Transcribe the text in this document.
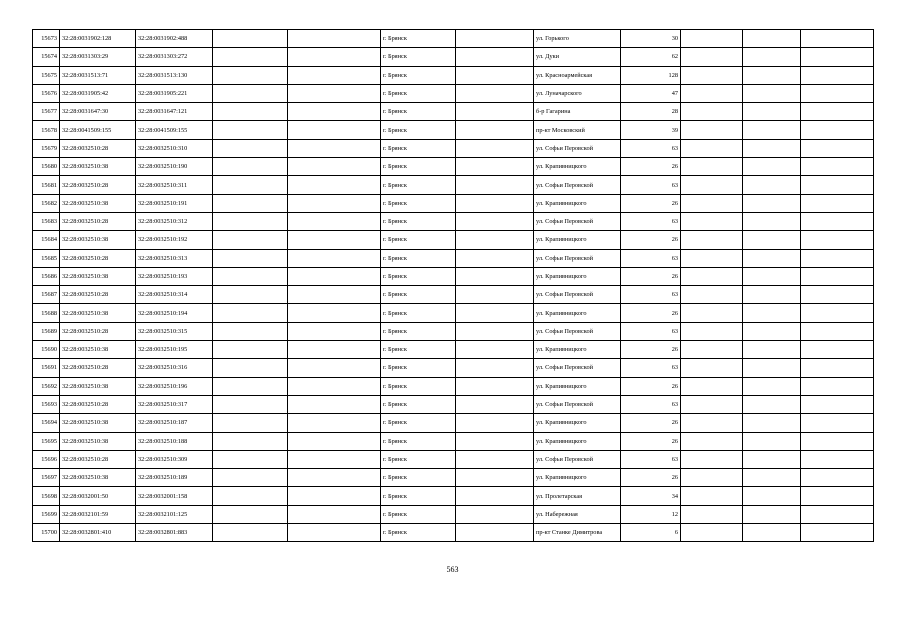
15673	32:28:0031902:128	32:28:0031902:488			г. Брянск		ул. Горького	30			
15674	32:28:0031303:29	32:28:0031303:272			г. Брянск		ул. Дуки	62			
15675	32:28:0031513:71	32:28:0031513:130			г. Брянск		ул. Красноармейская	128			
15676	32:28:0031905:42	32:28:0031905:221			г. Брянск		ул. Луначарского	47			
15677	32:28:0031647:30	32:28:0031647:121			г. Брянск		б-р Гагарина	28			
15678	32:28:0041509:155	32:28:0041509:155			г. Брянск		пр-кт Московский	39			
15679	32:28:0032510:28	32:28:0032510:310			г. Брянск		ул. Софьи Перовской	63			
15680	32:28:0032510:38	32:28:0032510:190			г. Брянск		ул. Крапивницкого	26			
15681	32:28:0032510:28	32:28:0032510:311			г. Брянск		ул. Софьи Перовской	63			
15682	32:28:0032510:38	32:28:0032510:191			г. Брянск		ул. Крапивницкого	26			
15683	32:28:0032510:28	32:28:0032510:312			г. Брянск		ул. Софьи Перовской	63			
15684	32:28:0032510:38	32:28:0032510:192			г. Брянск		ул. Крапивницкого	26			
15685	32:28:0032510:28	32:28:0032510:313			г. Брянск		ул. Софьи Перовской	63			
15686	32:28:0032510:38	32:28:0032510:193			г. Брянск		ул. Крапивницкого	26			
15687	32:28:0032510:28	32:28:0032510:314			г. Брянск		ул. Софьи Перовской	63			
15688	32:28:0032510:38	32:28:0032510:194			г. Брянск		ул. Крапивницкого	26			
15689	32:28:0032510:28	32:28:0032510:315			г. Брянск		ул. Софьи Перовской	63			
15690	32:28:0032510:38	32:28:0032510:195			г. Брянск		ул. Крапивницкого	26			
15691	32:28:0032510:28	32:28:0032510:316			г. Брянск		ул. Софьи Перовской	63			
15692	32:28:0032510:38	32:28:0032510:196			г. Брянск		ул. Крапивницкого	26			
15693	32:28:0032510:28	32:28:0032510:317			г. Брянск		ул. Софьи Перовской	63			
15694	32:28:0032510:38	32:28:0032510:187			г. Брянск		ул. Крапивницкого	26			
15695	32:28:0032510:38	32:28:0032510:188			г. Брянск		ул. Крапивницкого	26			
15696	32:28:0032510:28	32:28:0032510:309			г. Брянск		ул. Софьи Перовской	63			
15697	32:28:0032510:38	32:28:0032510:189			г. Брянск		ул. Крапивницкого	26			
15698	32:28:0032001:50	32:28:0032001:158			г. Брянск		ул. Пролетарская	34			
15699	32:28:0032101:59	32:28:0032101:125			г. Брянск		ул. Набережная	12			
15700	32:28:0032801:410	32:28:0032801:883			г. Брянск		пр-кт Станке Димитрова	6			
563
